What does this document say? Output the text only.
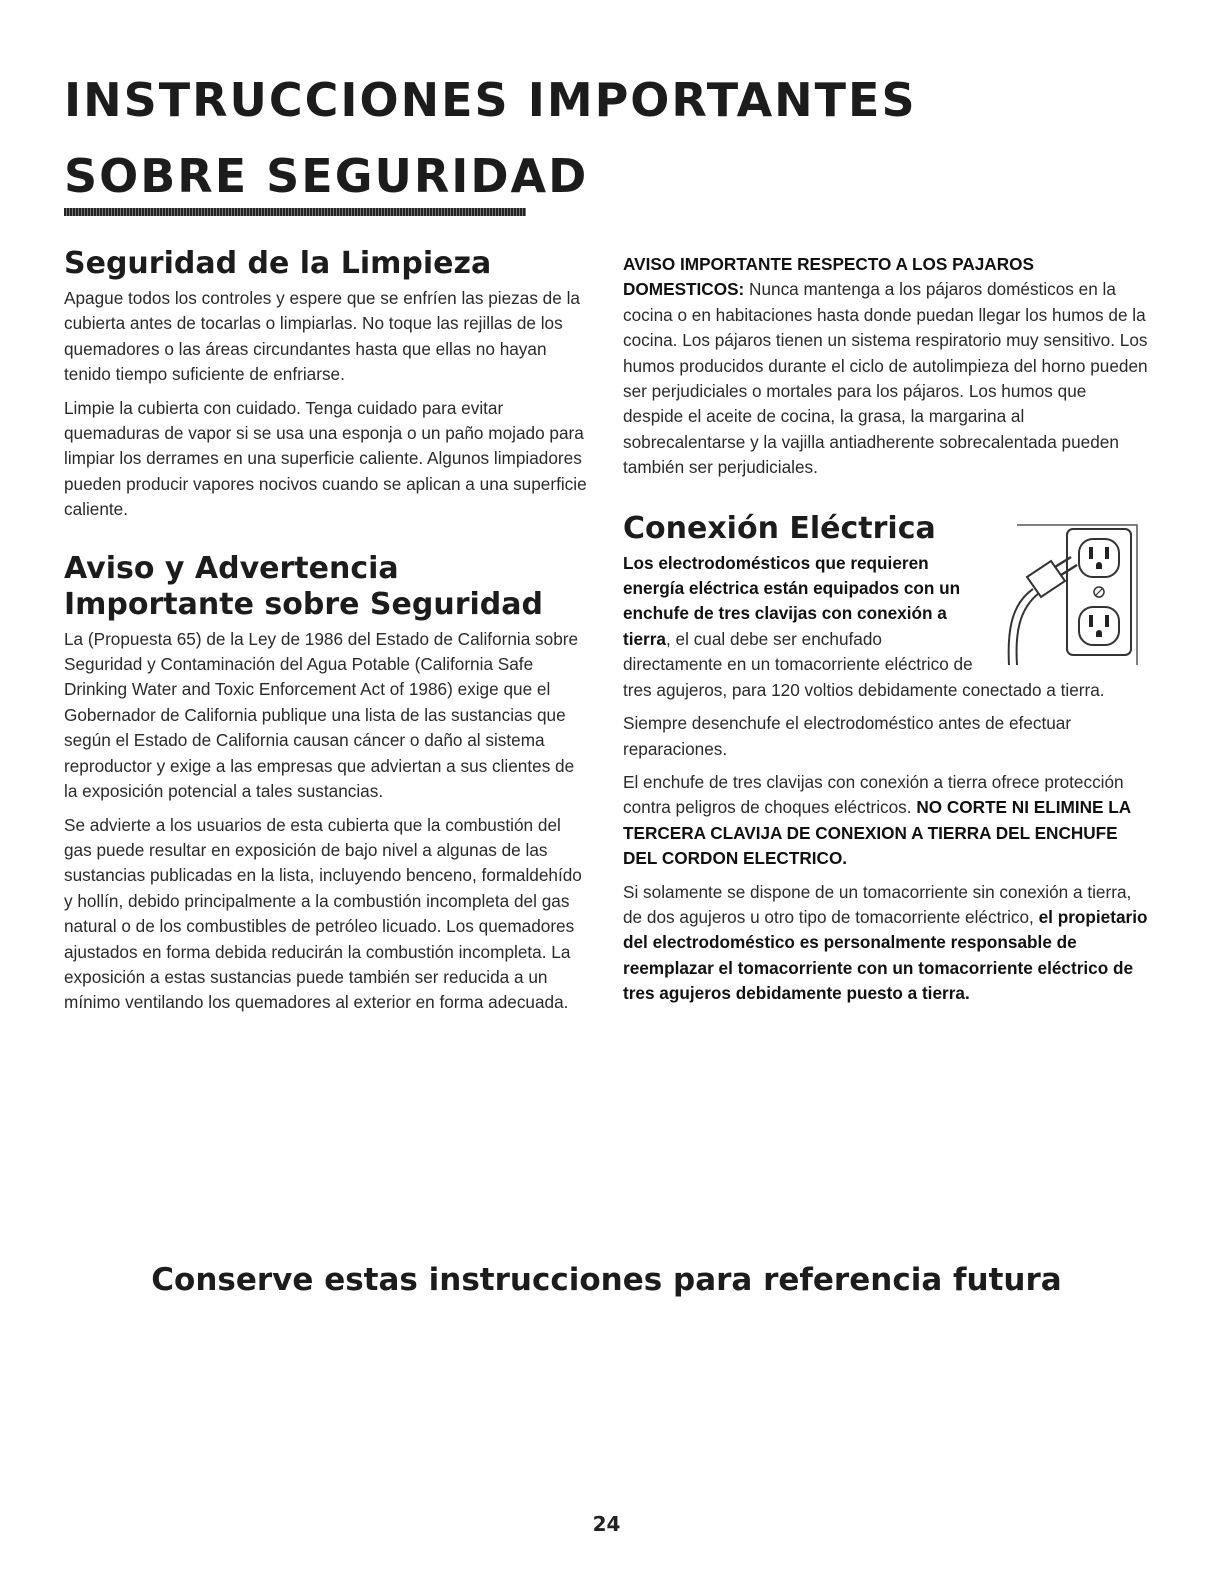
INSTRUCCIONES IMPORTANTES
SOBRE SEGURIDAD
Seguridad de la Limpieza

Apague todos los controles y espere que se enfríen las piezas de la cubierta antes de tocarlas o limpiarlas. No toque las rejillas de los quemadores o las áreas circundantes hasta que ellas no hayan tenido tiempo suficiente de enfriarse.

Limpie la cubierta con cuidado. Tenga cuidado para evitar quemaduras de vapor si se usa una esponja o un paño mojado para limpiar los derrames en una superficie caliente. Algunos limpiadores pueden producir vapores nocivos cuando se aplican a una superficie caliente.

Aviso y Advertencia Importante sobre Seguridad

La (Propuesta 65) de la Ley de 1986 del Estado de California sobre Seguridad y Contaminación del Agua Potable (California Safe Drinking Water and Toxic Enforcement Act of 1986) exige que el Gobernador de California publique una lista de las sustancias que según el Estado de California causan cáncer o daño al sistema reproductor y exige a las empresas que adviertan a sus clientes de la exposición potencial a tales sustancias.

Se advierte a los usuarios de esta cubierta que la combustión del gas puede resultar en exposición de bajo nivel a algunas de las sustancias publicadas en la lista, incluyendo benceno, formaldehído y hollín, debido principalmente a la combustión incompleta del gas natural o de los combustibles de petróleo licuado. Los quemadores ajustados en forma debida reducirán la combustión incompleta. La exposición a estas sustancias puede también ser reducida a un mínimo ventilando los quemadores al exterior en forma adecuada.

AVISO IMPORTANTE RESPECTO A LOS PAJAROS DOMESTICOS: Nunca mantenga a los pájaros domésticos en la cocina o en habitaciones hasta donde puedan llegar los humos de la cocina. Los pájaros tienen un sistema respiratorio muy sensitivo. Los humos producidos durante el ciclo de autolimpieza del horno pueden ser perjudiciales o mortales para los pájaros. Los humos que despide el aceite de cocina, la grasa, la margarina al sobrecalentarse y la vajilla antiadherente sobrecalentada pueden también ser perjudiciales.

Conexión Eléctrica

Los electrodomésticos que requieren energía eléctrica están equipados con un enchufe de tres clavijas con conexión a tierra, el cual debe ser enchufado directamente en un tomacorriente eléctrico de tres agujeros, para 120 voltios debidamente conectado a tierra.

Siempre desenchufe el electrodoméstico antes de efectuar reparaciones.

El enchufe de tres clavijas con conexión a tierra ofrece protección contra peligros de choques eléctricos. NO CORTE NI ELIMINE LA TERCERA CLAVIJA DE CONEXION A TIERRA DEL ENCHUFE DEL CORDON ELECTRICO.

Si solamente se dispone de un tomacorriente sin conexión a tierra, de dos agujeros u otro tipo de tomacorriente eléctrico, el propietario del electrodoméstico es personalmente responsable de reemplazar el tomacorriente con un tomacorriente eléctrico de tres agujeros debidamente puesto a tierra.

Conserve estas instrucciones para referencia futura
24
